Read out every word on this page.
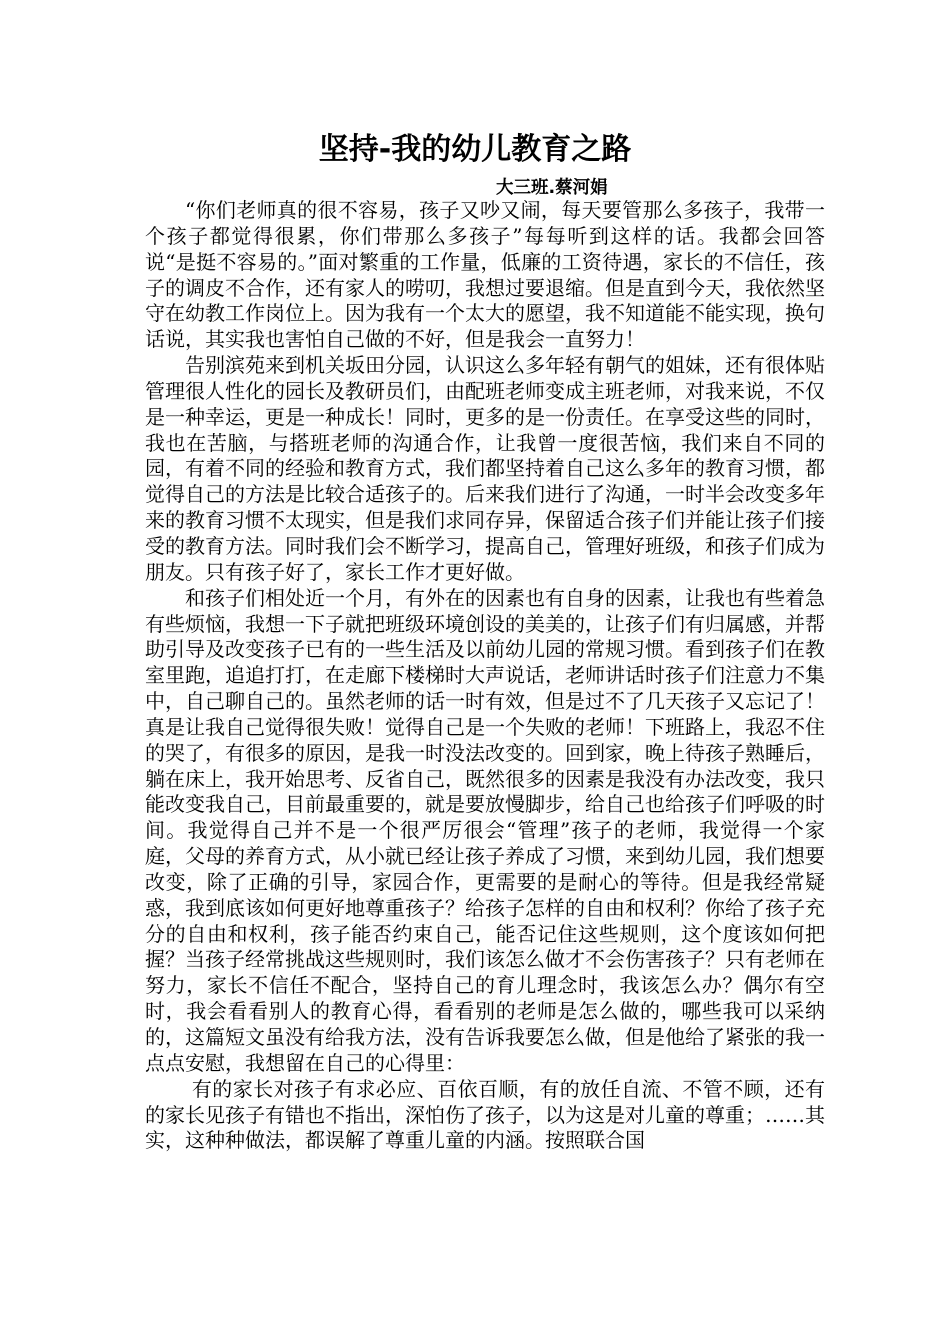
坚持-我的幼儿教育之路
大三班.蔡河娟

“你们老师真的很不容易，孩子又吵又闹，每天要管那么多孩子，我带一个孩子都觉得很累，你们带那么多孩子”每每听到这样的话。我都会回答说“是挺不容易的。”面对繁重的工作量，低廉的工资待遇，家长的不信任，孩子的调皮不合作，还有家人的唠叨，我想过要退缩。但是直到今天，我依然坚守在幼教工作岗位上。因为我有一个太大的愿望，我不知道能不能实现，换句话说，其实我也害怕自己做的不好，但是我会一直努力！

告别滨苑来到机关坂田分园，认识这么多年轻有朝气的姐妹，还有很体贴管理很人性化的园长及教研员们，由配班老师变成主班老师，对我来说，不仅是一种幸运，更是一种成长！同时，更多的是一份责任。在享受这些的同时，我也在苦脑，与搭班老师的沟通合作，让我曾一度很苦恼，我们来自不同的园，有着不同的经验和教育方式，我们都坚持着自己这么多年的教育习惯，都觉得自己的方法是比较合适孩子的。后来我们进行了沟通，一时半会改变多年来的教育习惯不太现实，但是我们求同存异，保留适合孩子们并能让孩子们接受的教育方法。同时我们会不断学习，提高自己，管理好班级，和孩子们成为朋友。只有孩子好了，家长工作才更好做。

和孩子们相处近一个月，有外在的因素也有自身的因素，让我也有些着急有些烦恼，我想一下子就把班级环境创设的美美的，让孩子们有归属感，并帮助引导及改变孩子已有的一些生活及以前幼儿园的常规习惯。看到孩子们在教室里跑，追追打打，在走廊下楼梯时大声说话，老师讲话时孩子们注意力不集中，自己聊自己的。虽然老师的话一时有效，但是过不了几天孩子又忘记了！真是让我自己觉得很失败！觉得自己是一个失败的老师！下班路上，我忍不住的哭了，有很多的原因，是我一时没法改变的。回到家，晚上待孩子熟睡后，躺在床上，我开始思考、反省自己，既然很多的因素是我没有办法改变，我只能改变我自己，目前最重要的，就是要放慢脚步，给自己也给孩子们呼吸的时间。我觉得自己并不是一个很严厉很会“管理”孩子的老师，我觉得一个家庭，父母的养育方式，从小就已经让孩子养成了习惯，来到幼儿园，我们想要改变，除了正确的引导，家园合作，更需要的是耐心的等待。但是我经常疑惑，我到底该如何更好地尊重孩子？给孩子怎样的自由和权利？你给了孩子充分的自由和权利，孩子能否约束自己，能否记住这些规则，这个度该如何把握？当孩子经常挑战这些规则时，我们该怎么做才不会伤害孩子？只有老师在努力，家长不信任不配合，坚持自己的育儿理念时，我该怎么办？偶尔有空时，我会看看别人的教育心得，看看别的老师是怎么做的，哪些我可以采纳的，这篇短文虽没有给我方法，没有告诉我要怎么做，但是他给了紧张的我一点点安慰，我想留在自己的心得里：

有的家长对孩子有求必应、百依百顺，有的放任自流、不管不顾，还有的家长见孩子有错也不指出，深怕伤了孩子，以为这是对儿童的尊重；……其实，这种种做法，都误解了尊重儿童的内涵。按照联合国
